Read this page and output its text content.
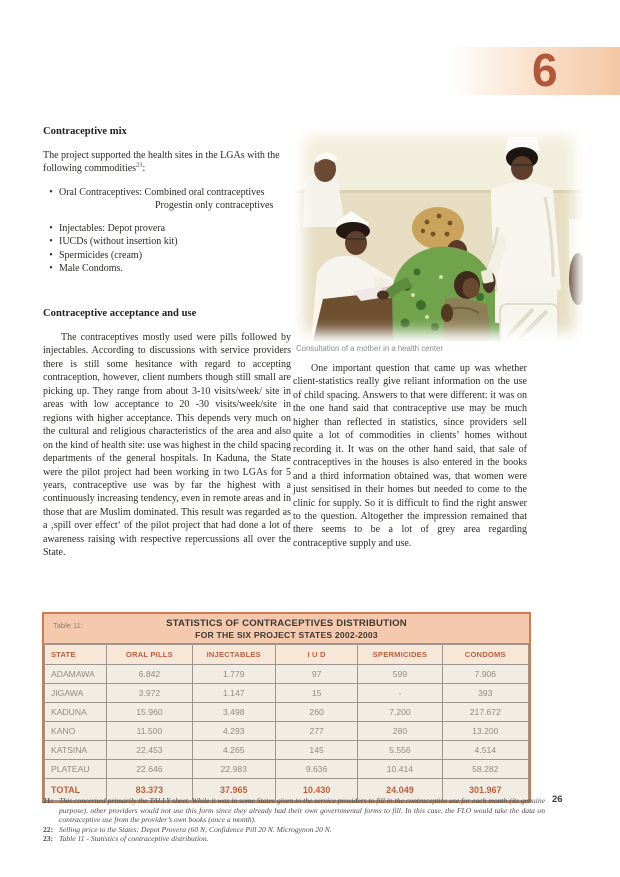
6

Contraceptive mix

The project supported the health sites in the LGAs with the following commodities$^{23}$:

• Oral Contraceptives: Combined oral contraceptives
Progestin only contraceptives
• Injectables: Depot provera
• IUCDs (without insertion kit)
• Spermicides (cream)
• Male Condoms.

Contraceptive acceptance and use

The contraceptives mostly used were pills followed by injectables. According to discussions with service providers there is still some hesitance with regard to accepting contraception, however, client numbers though still small are picking up. They range from about 3-10 visits/week/ site in areas with low acceptance to 20 -30 visits/week/site in regions with higher acceptance. This depends very much on the cultural and religious characteristics of the area and also on the kind of health site: use was highest in the child spacing departments of the general hospitals. In Kaduna, the State were the pilot project had been working in two LGAs for 5 years, contraceptive use was by far the highest with a continuously increasing tendency, even in remote areas and in those that are Muslim dominated. This result was regarded as a ‚spill over effect‘ of the pilot project that had done a lot of awareness raising with respective repercussions all over the State.

Consultation of a mother in a health center

One important question that came up was whether client-statistics really give reliant information on the use of child spacing. Answers to that were different: it was on the one hand said that contraceptive use may be much higher than reflected in statistics, since providers sell quite a lot of commodities in clients’ homes without recording it. It was on the other hand said, that sale of contraceptives in the houses is also entered in the books and a third information obtained was, that women were just sensitised in their homes but needed to come to the clinic for supply. So it is difficult to find the right answer to the question. Altogether the impression remained that there seems to be a lot of grey area regarding contraceptive supply and use.

Table 11:	STATISTICS OF CONTRACEPTIVES DISTRIBUTION
FOR THE SIX PROJECT STATES 2002-2003
STATE	ORAL PILLS	INJECTABLES	I U D	SPERMICIDES	CONDOMS
ADAMAWA	6.842	1.779	97	599	7.906
JIGAWA	3.972	1.147	15	-	393
KADUNA	15.960	3.498	260	7.200	217.672
KANO	11.500	4.293	277	280	13.200
KATSINA	22.453	4.265	145	5.556	4.514
PLATEAU	22.646	22.983	9.636	10.414	58.282
TOTAL	83.373	37.965	10.430	24.049	301.967
21: This concerned primarily the TALLY sheet. While it was in some States given to the service providers to fill in the contraceptive use for each month (its genuine purpose), other providers would not use this form since they already had their own governmental forms to fill. In this case, the FLO would take the data on contraceptive use from the provider’s own books (once a month).
22: Selling price to the States: Depot Provera (60 N, Confidence Pill 20 N. Microgynon 20 N.
23: Table 11 - Statistics of contraceptive distribution.
26
